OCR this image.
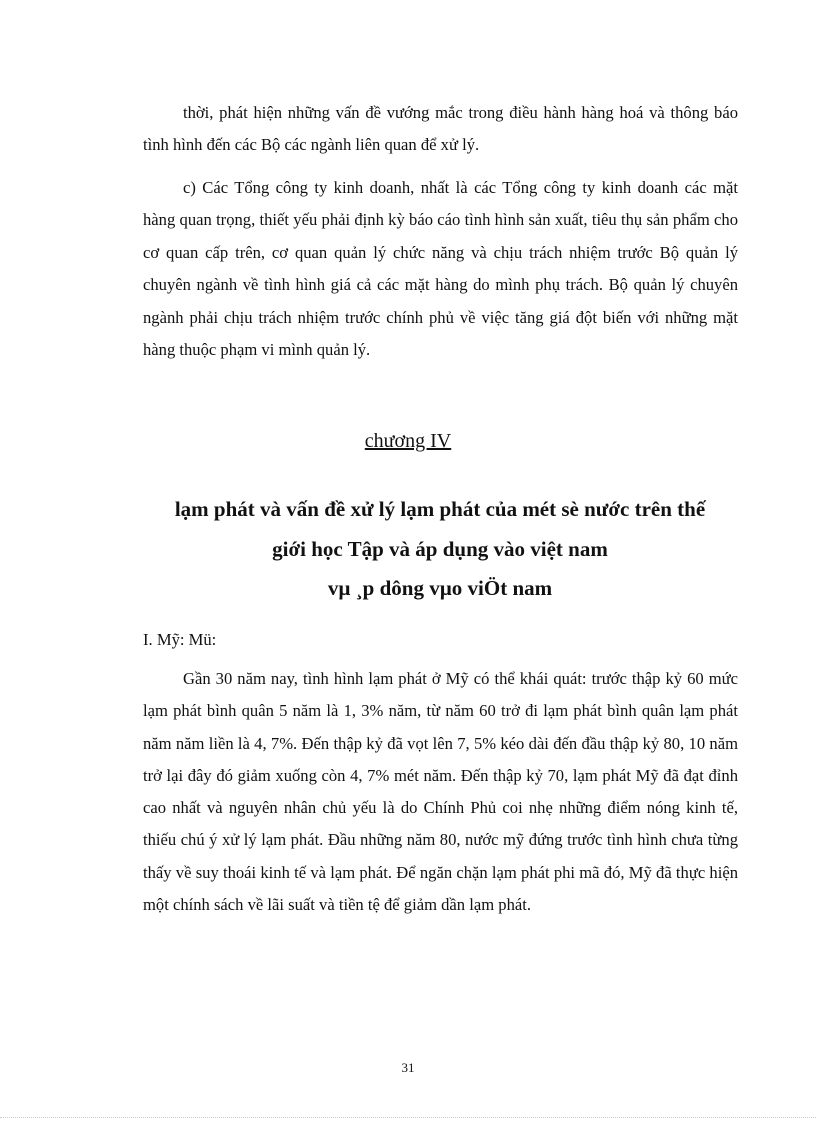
thời, phát hiện những vấn đề vướng mắc trong điều hành hàng hoá và thông báo tình hình đến các Bộ các ngành liên quan để xử lý.

c) Các Tổng công ty kinh doanh, nhất là các Tổng công ty kinh doanh các mặt hàng quan trọng, thiết yếu phải định kỳ báo cáo tình hình sản xuất, tiêu thụ sản phẩm cho cơ quan cấp trên, cơ quan quản lý chức năng và chịu trách nhiệm trước Bộ quản lý chuyên ngành về tình hình giá cả các mặt hàng do mình phụ trách. Bộ quản lý chuyên ngành phải chịu trách nhiệm trước chính phủ về việc tăng giá đột biến với những mặt hàng thuộc phạm vi mình quản lý.

chương IV

lạm phát và vấn đề xử lý lạm phát của mét sè nước trên thế

giới học Tập và áp dụng vào việt nam

vµ ¸p dông vµo viÖt nam

I. Mỹ: Mü:

Gần 30 năm nay, tình hình lạm phát ở Mỹ có thể khái quát: trước thập kỷ 60 mức lạm phát bình quân 5 năm là 1, 3% năm, từ năm 60 trở đi lạm phát bình quân lạm phát năm năm liền là 4, 7%. Đến thập kỷ đã vọt lên 7, 5% kéo dài đến đầu thập kỷ 80, 10 năm trở lại đây đó giảm xuống còn 4, 7% mét năm. Đến thập kỷ 70, lạm phát Mỹ đã đạt đỉnh cao nhất và nguyên nhân chủ yếu là do Chính Phủ coi nhẹ những điểm nóng kinh tế, thiếu chú ý xử lý lạm phát. Đầu những năm 80, nước mỹ đứng trước tình hình chưa từng thấy về suy thoái kinh tế và lạm phát. Để ngăn chặn lạm phát phi mã đó, Mỹ đã thực hiện một chính sách về lãi suất và tiền tệ để giảm dần lạm phát.

31
